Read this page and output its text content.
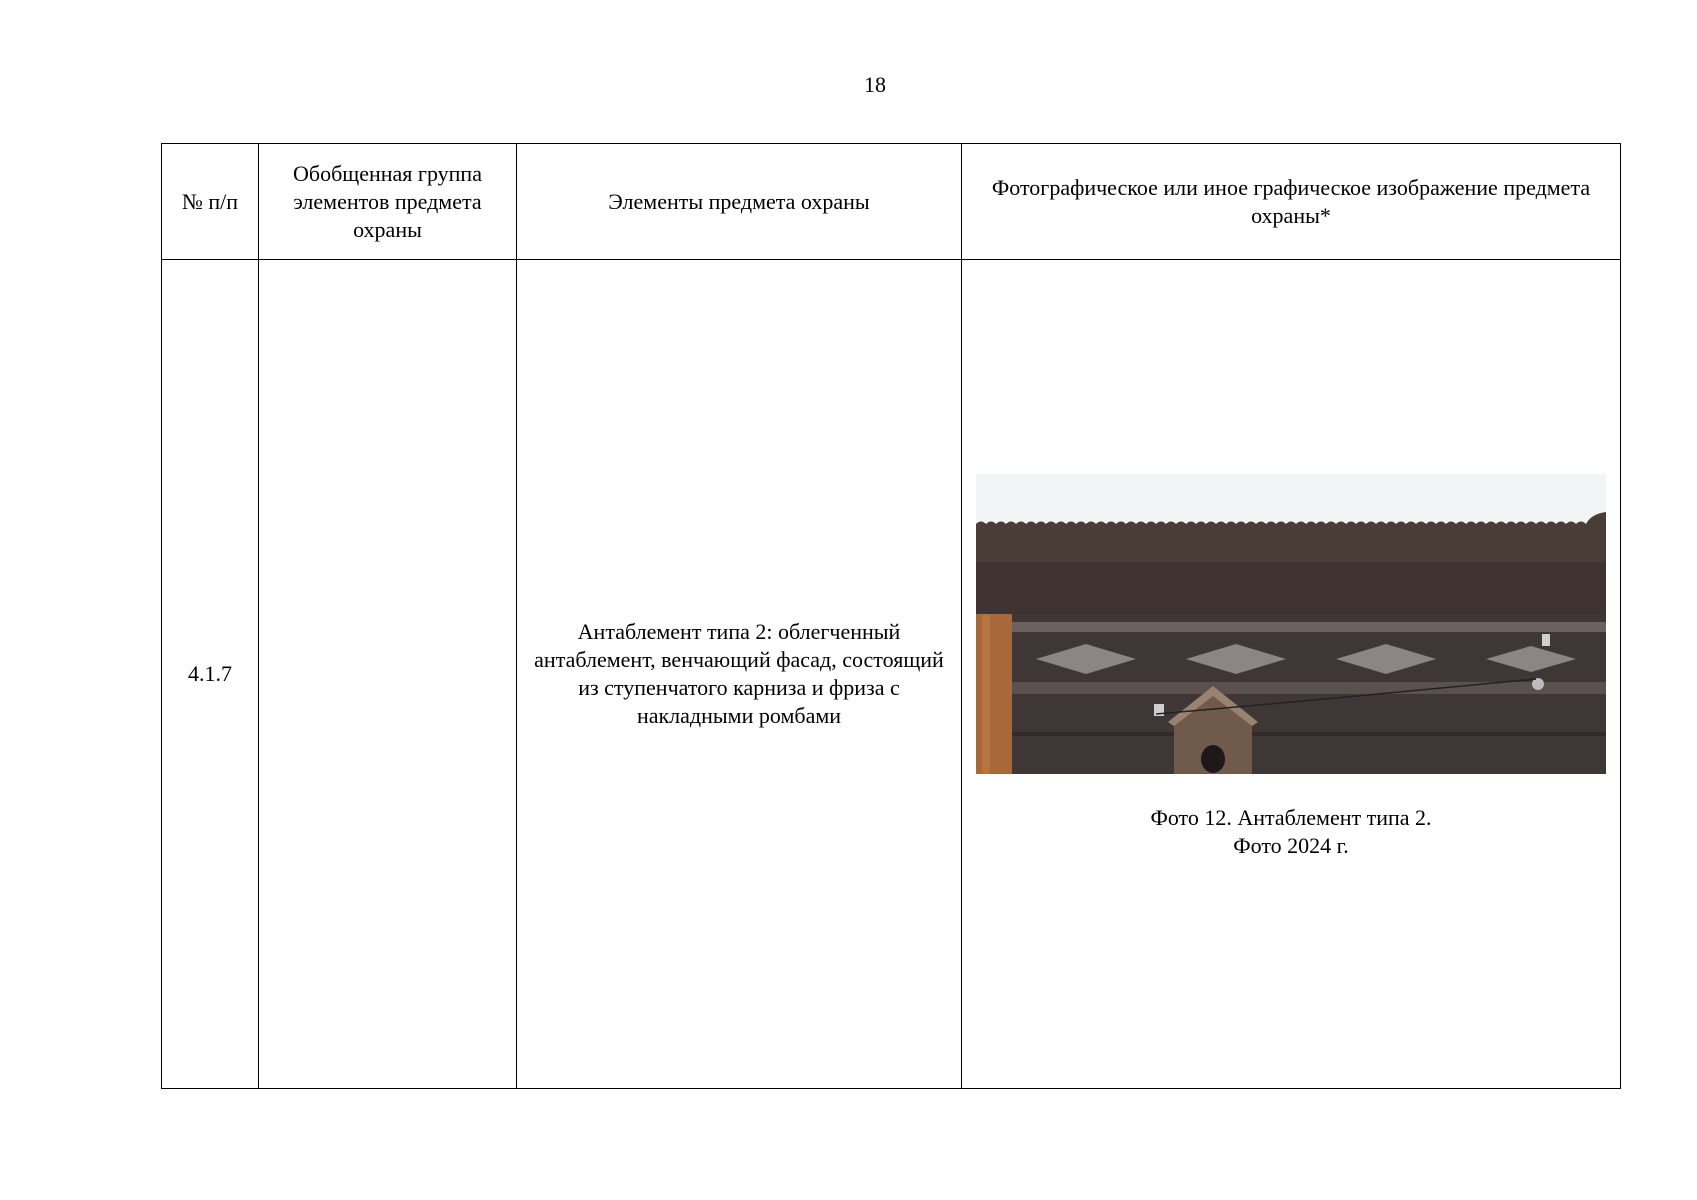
18
№ п/п	Обобщенная группа элементов предмета охраны	Элементы предмета охраны	Фотографическое или иное графическое изображение предмета охраны*
4.1.7		Антаблемент типа 2: облегченный антаблемент, венчающий фасад, состоящий из ступенчатого карниза и фриза с накладными ромбами	Фото 12. Антаблемент типа 2.
Фото 2024 г.
